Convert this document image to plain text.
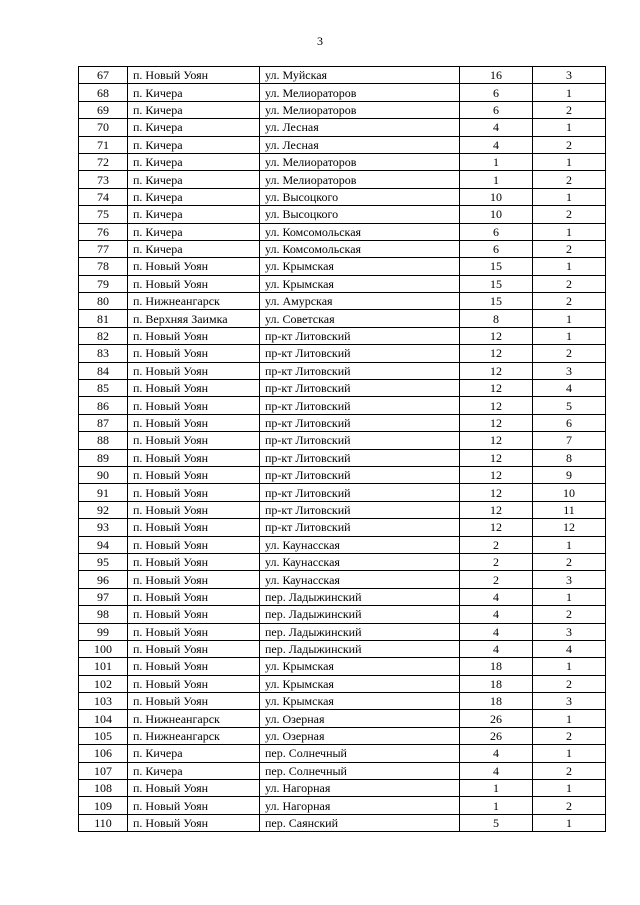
3
67	п. Новый Уоян	ул. Муйская	16	3
68	п. Кичера	ул. Мелиораторов	6	1
69	п. Кичера	ул. Мелиораторов	6	2
70	п. Кичера	ул. Лесная	4	1
71	п. Кичера	ул. Лесная	4	2
72	п. Кичера	ул. Мелиораторов	1	1
73	п. Кичера	ул. Мелиораторов	1	2
74	п. Кичера	ул. Высоцкого	10	1
75	п. Кичера	ул. Высоцкого	10	2
76	п. Кичера	ул. Комсомольская	6	1
77	п. Кичера	ул. Комсомольская	6	2
78	п. Новый Уоян	ул. Крымская	15	1
79	п. Новый Уоян	ул. Крымская	15	2
80	п. Нижнеангарск	ул. Амурская	15	2
81	п. Верхняя Заимка	ул. Советская	8	1
82	п. Новый Уоян	пр-кт Литовский	12	1
83	п. Новый Уоян	пр-кт Литовский	12	2
84	п. Новый Уоян	пр-кт Литовский	12	3
85	п. Новый Уоян	пр-кт Литовский	12	4
86	п. Новый Уоян	пр-кт Литовский	12	5
87	п. Новый Уоян	пр-кт Литовский	12	6
88	п. Новый Уоян	пр-кт Литовский	12	7
89	п. Новый Уоян	пр-кт Литовский	12	8
90	п. Новый Уоян	пр-кт Литовский	12	9
91	п. Новый Уоян	пр-кт Литовский	12	10
92	п. Новый Уоян	пр-кт Литовский	12	11
93	п. Новый Уоян	пр-кт Литовский	12	12
94	п. Новый Уоян	ул. Каунасская	2	1
95	п. Новый Уоян	ул. Каунасская	2	2
96	п. Новый Уоян	ул. Каунасская	2	3
97	п. Новый Уоян	пер. Ладыжинский	4	1
98	п. Новый Уоян	пер. Ладыжинский	4	2
99	п. Новый Уоян	пер. Ладыжинский	4	3
100	п. Новый Уоян	пер. Ладыжинский	4	4
101	п. Новый Уоян	ул. Крымская	18	1
102	п. Новый Уоян	ул. Крымская	18	2
103	п. Новый Уоян	ул. Крымская	18	3
104	п. Нижнеангарск	ул. Озерная	26	1
105	п. Нижнеангарск	ул. Озерная	26	2
106	п. Кичера	пер. Солнечный	4	1
107	п. Кичера	пер. Солнечный	4	2
108	п. Новый Уоян	ул. Нагорная	1	1
109	п. Новый Уоян	ул. Нагорная	1	2
110	п. Новый Уоян	пер. Саянский	5	1
